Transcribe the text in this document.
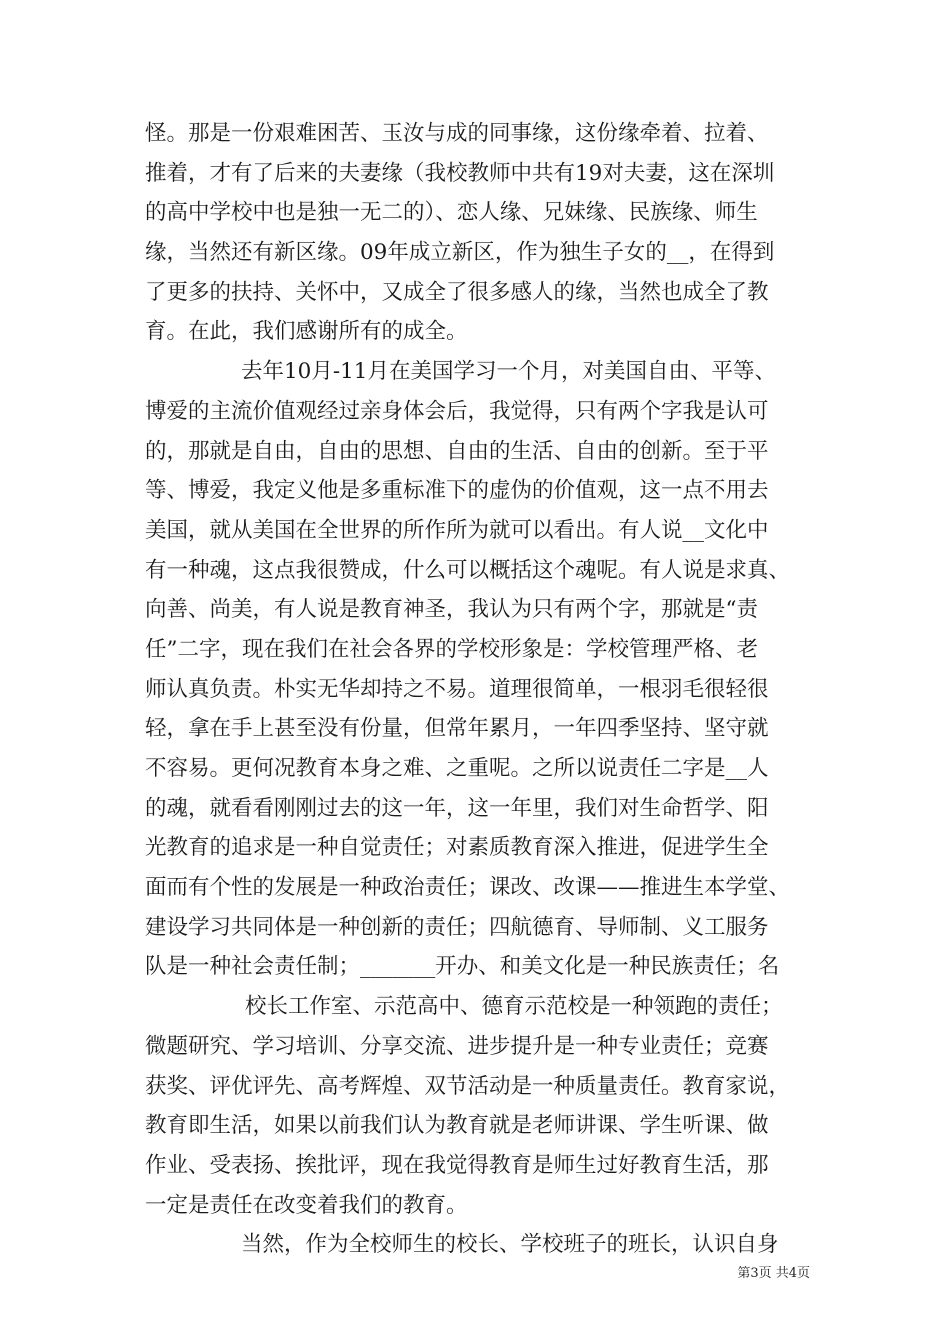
怪。那是一份艰难困苦、玉汝与成的同事缘，这份缘牵着、拉着、
推着，才有了后来的夫妻缘（我校教师中共有19对夫妻，这在深圳
的高中学校中也是独一无二的）、恋人缘、兄妹缘、民族缘、师生
缘，当然还有新区缘。09年成立新区，作为独生子女的__，在得到
了更多的扶持、关怀中，又成全了很多感人的缘，当然也成全了教
育。在此，我们感谢所有的成全。
去年10月-11月在美国学习一个月，对美国自由、平等、
博爱的主流价值观经过亲身体会后，我觉得，只有两个字我是认可
的，那就是自由，自由的思想、自由的生活、自由的创新。至于平
等、博爱，我定义他是多重标准下的虚伪的价值观，这一点不用去
美国，就从美国在全世界的所作所为就可以看出。有人说__文化中
有一种魂，这点我很赞成，什么可以概括这个魂呢。有人说是求真、
向善、尚美，有人说是教育神圣，我认为只有两个字，那就是“责
任”二字，现在我们在社会各界的学校形象是：学校管理严格、老
师认真负责。朴实无华却持之不易。道理很简单，一根羽毛很轻很
轻，拿在手上甚至没有份量，但常年累月，一年四季坚持、坚守就
不容易。更何况教育本身之难、之重呢。之所以说责任二字是__人
的魂，就看看刚刚过去的这一年，这一年里，我们对生命哲学、阳
光教育的追求是一种自觉责任；对素质教育深入推进，促进学生全
面而有个性的发展是一种政治责任；课改、改课——推进生本学堂、
建设学习共同体是一种创新的责任；四航德育、导师制、义工服务
队是一种社会责任制；_______开办、和美文化是一种民族责任；名
校长工作室、示范高中、德育示范校是一种领跑的责任；
微题研究、学习培训、分享交流、进步提升是一种专业责任；竞赛
获奖、评优评先、高考辉煌、双节活动是一种质量责任。教育家说，
教育即生活，如果以前我们认为教育就是老师讲课、学生听课、做
作业、受表扬、挨批评，现在我觉得教育是师生过好教育生活，那
一定是责任在改变着我们的教育。
当然，作为全校师生的校长、学校班子的班长，认识自身
第3页 共4页
